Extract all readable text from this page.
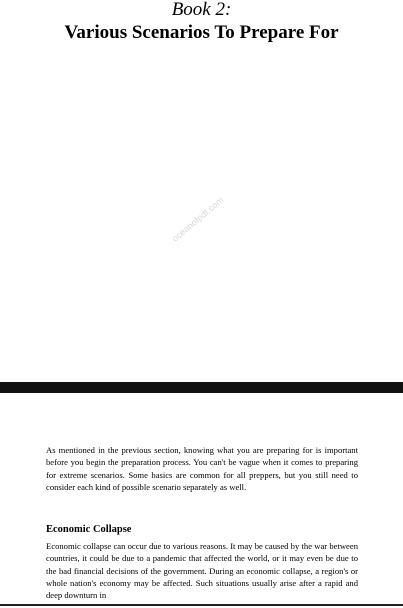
Book 2:
Various Scenarios To Prepare For

As mentioned in the previous section, knowing what you are preparing for is important before you begin the preparation process. You can't be vague when it comes to preparing for extreme scenarios. Some basics are common for all preppers, but you still need to consider each kind of possible scenario separately as well.

Economic Collapse

Economic collapse can occur due to various reasons. It may be caused by the war between countries, it could be due to a pandemic that affected the world, or it may even be due to the bad financial decisions of the government. During an economic collapse, a region's or whole nation's economy may be affected. Such situations usually arise after a rapid and deep downturn in

oceanofpdf.com
